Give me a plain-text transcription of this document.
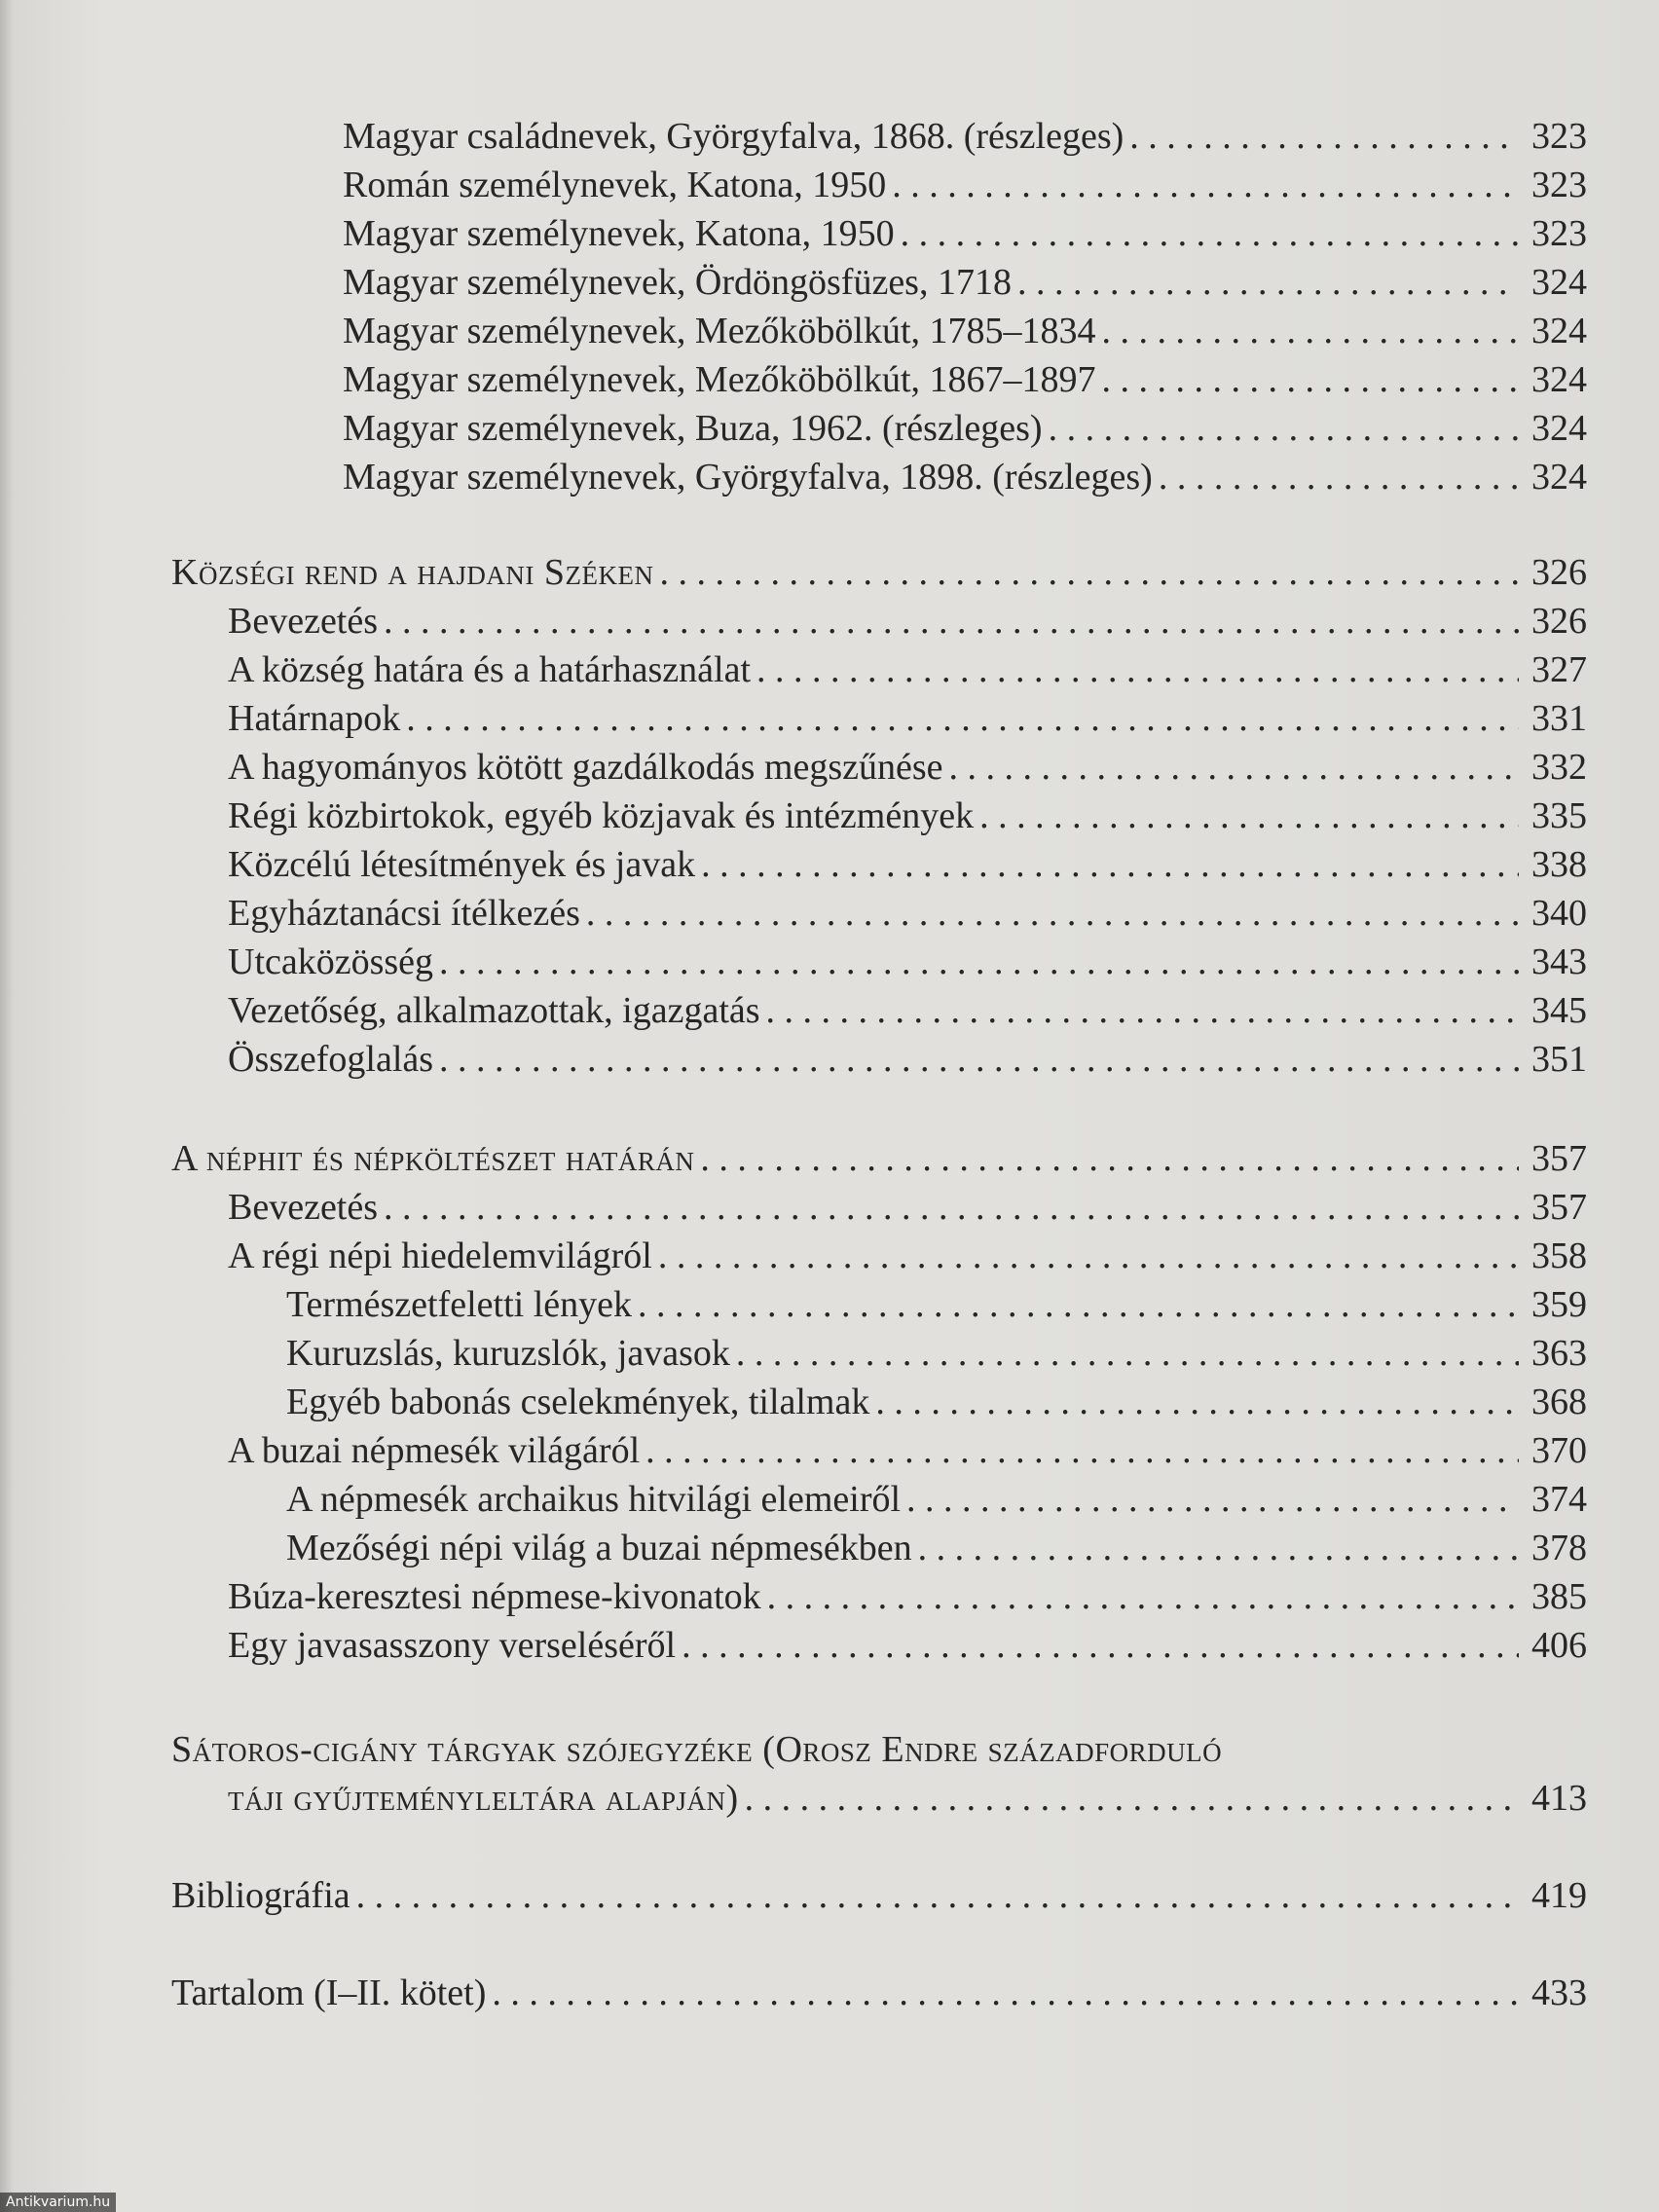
Magyar családnevek, Györgyfalva, 1868. (részleges) . . .	323
Román személynevek, Katona, 1950 . . .	323
Magyar személynevek, Katona, 1950 . . .	323
Magyar személynevek, Ördöngösfüzes, 1718 . . .	324
Magyar személynevek, Mezőköbölkút, 1785–1834 . . .	324
Magyar személynevek, Mezőköbölkút, 1867–1897 . . .	324
Magyar személynevek, Buza, 1962. (részleges) . . .	324
Magyar személynevek, Györgyfalva, 1898. (részleges) . . .	324
Községi rend a hajdani Széken . . .	326
Bevezetés . . .	326
A község határa és a határhasználat . . .	327
Határnapok . . .	331
A hagyományos kötött gazdálkodás megszűnése . . .	332
Régi közbirtokok, egyéb közjavak és intézmények . . .	335
Közcélú létesítmények és javak . . .	338
Egyháztanácsi ítélkezés . . .	340
Utcaközösség . . .	343
Vezetőség, alkalmazottak, igazgatás . . .	345
Összefoglalás . . .	351
A néphit és népköltészet határán . . .	357
Bevezetés . . .	357
A régi népi hiedelemvilágról . . .	358
Természetfeletti lények . . .	359
Kuruzslás, kuruzslók, javasok . . .	363
Egyéb babonás cselekmények, tilalmak . . .	368
A buzai népmesék világáról . . .	370
A népmesék archaikus hitvilági elemeiről . . .	374
Mezőségi népi világ a buzai népmesékben . . .	378
Búza-keresztesi népmese-kivonatok . . .	385
Egy javasasszony verseléséről . . .	406
Sátoros-cigány tárgyak szójegyzéke (Orosz Endre századforduló
táji gyűjteményleltára alapján) . . .	413
Bibliográfia . . .	419
Tartalom (I–II. kötet) . . .	433
Antikvarium.hu
